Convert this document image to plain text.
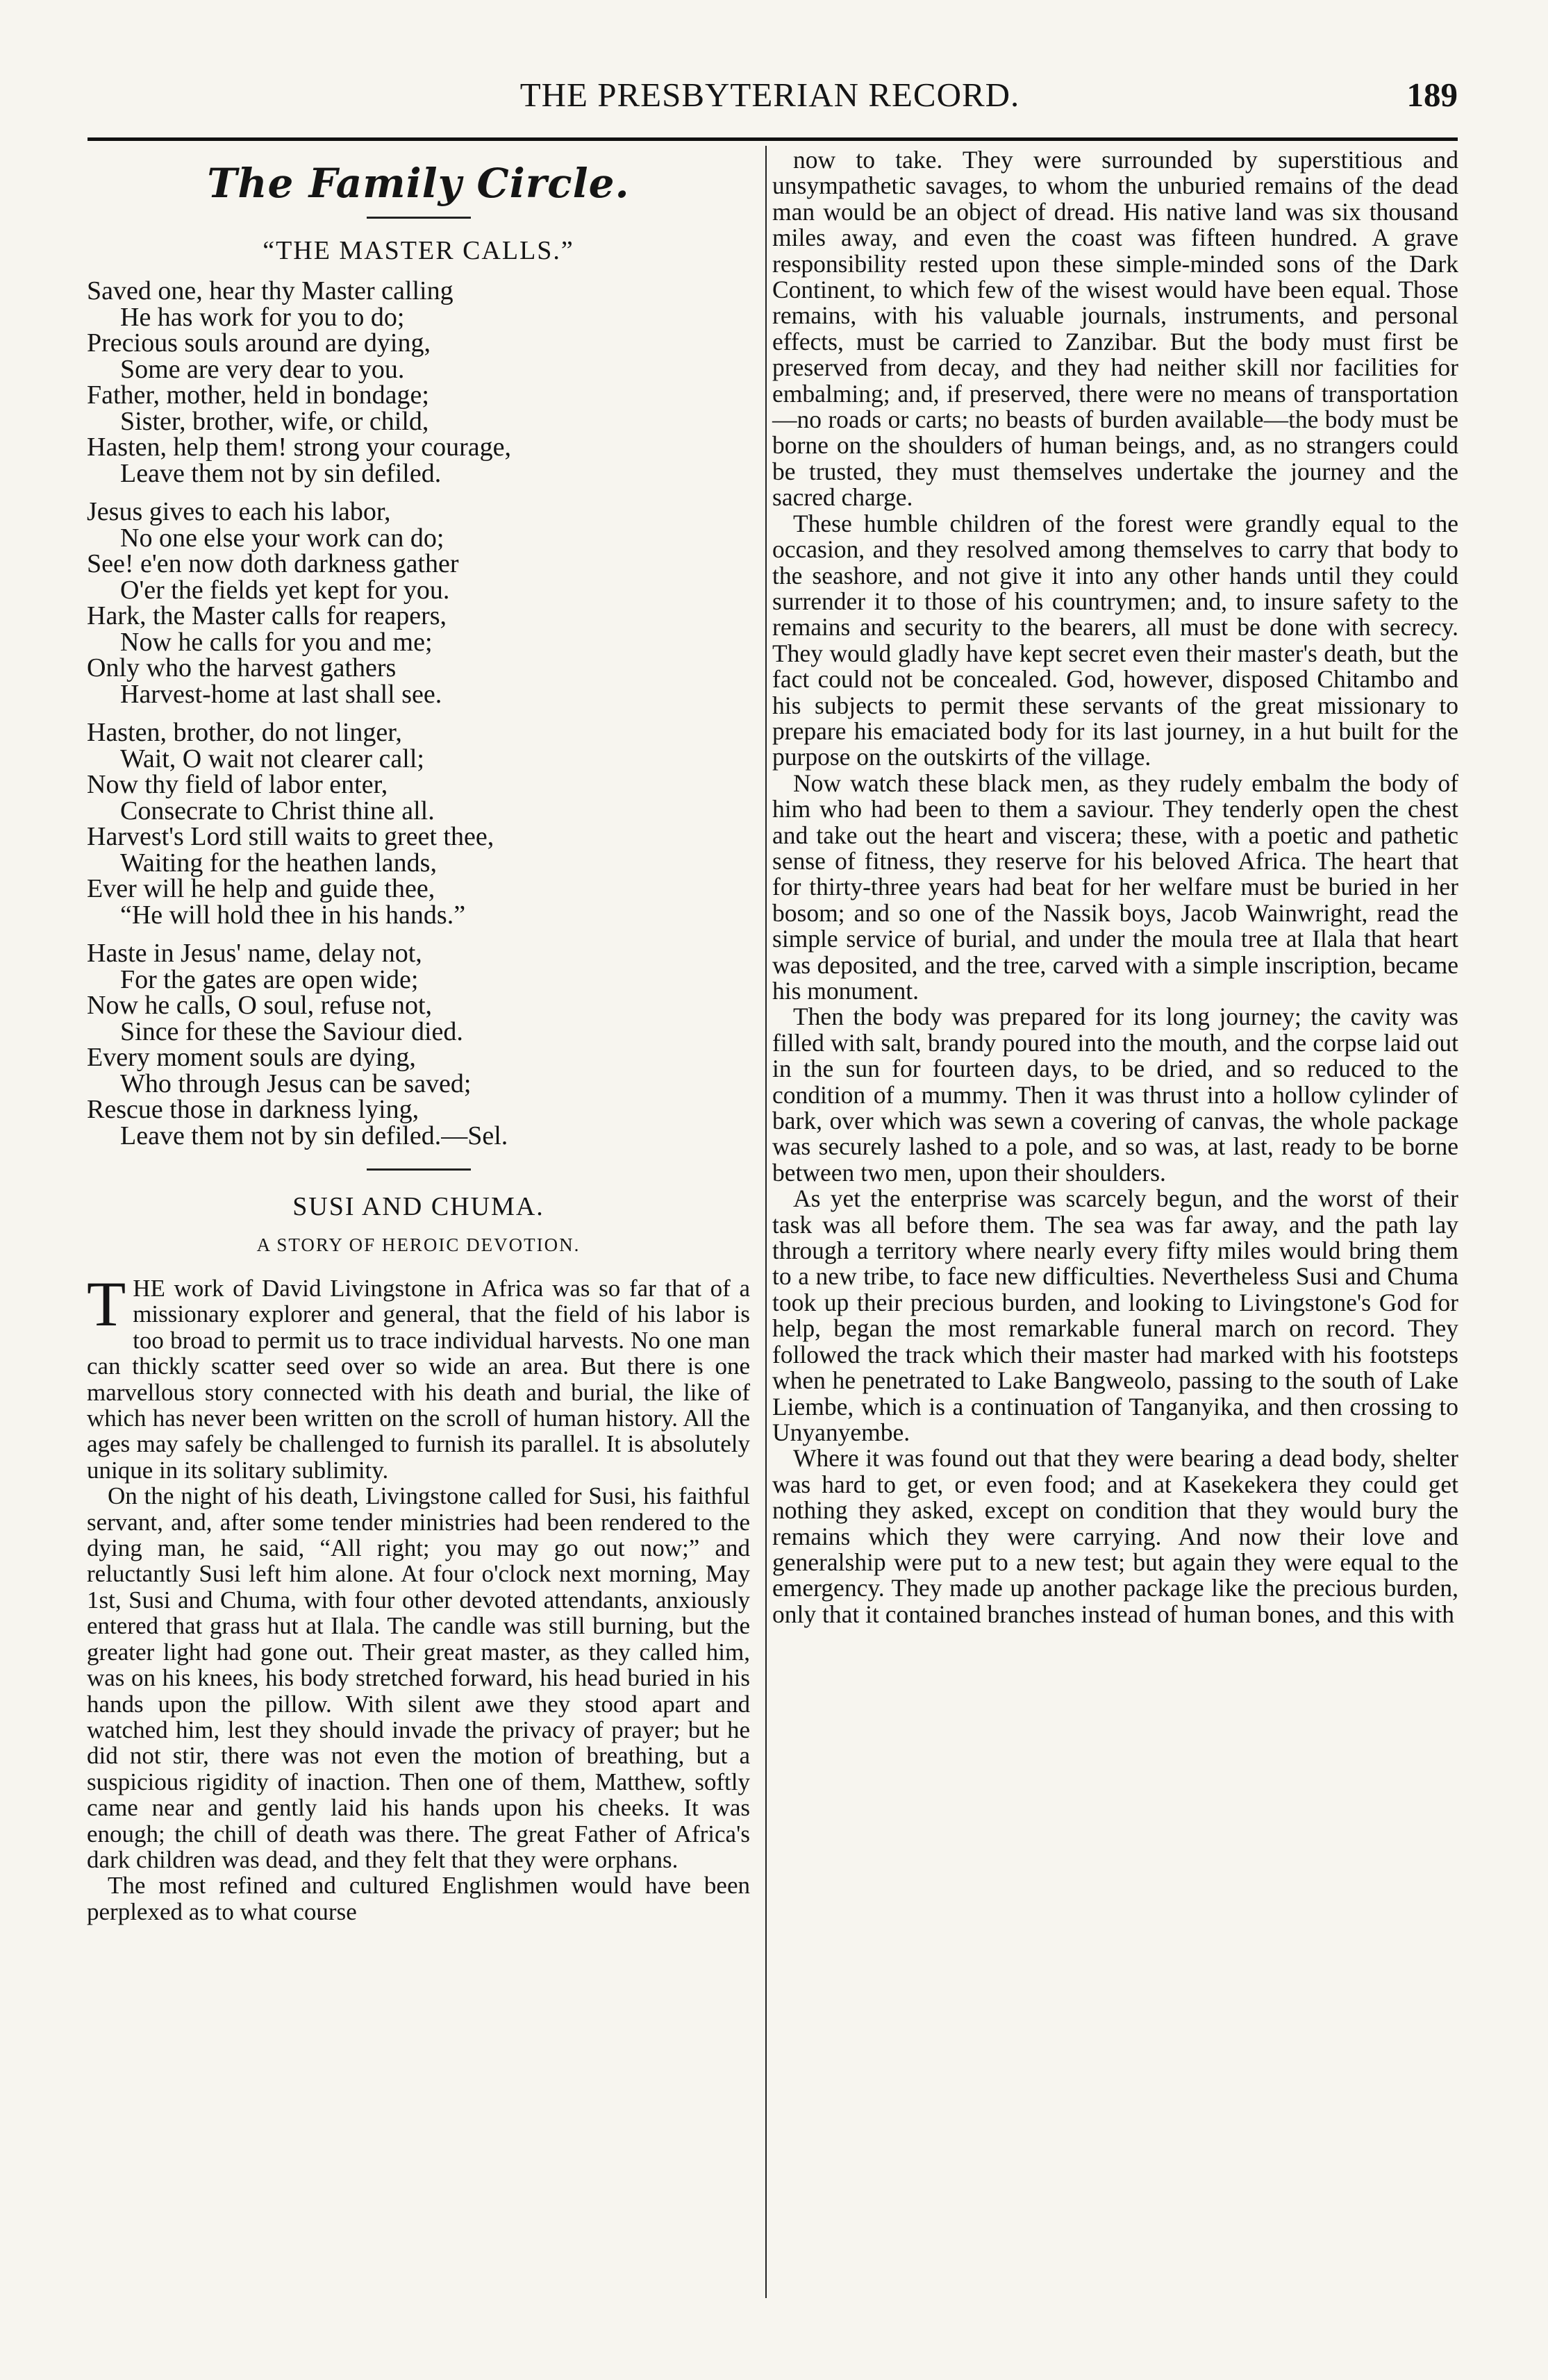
THE PRESBYTERIAN RECORD.	189
The Family Circle.
“THE MASTER CALLS.”
Saved one, hear thy Master calling
He has work for you to do;
Precious souls around are dying,
Some are very dear to you.
Father, mother, held in bondage;
Sister, brother, wife, or child,
Hasten, help them! strong your courage,
Leave them not by sin defiled.
Jesus gives to each his labor,
No one else your work can do;
See! e'en now doth darkness gather
O'er the fields yet kept for you.
Hark, the Master calls for reapers,
Now he calls for you and me;
Only who the harvest gathers
Harvest-home at last shall see.
Hasten, brother, do not linger,
Wait, O wait not clearer call;
Now thy field of labor enter,
Consecrate to Christ thine all.
Harvest's Lord still waits to greet thee,
Waiting for the heathen lands,
Ever will he help and guide thee,
“He will hold thee in his hands.”
Haste in Jesus' name, delay not,
For the gates are open wide;
Now he calls, O soul, refuse not,
Since for these the Saviour died.
Every moment souls are dying,
Who through Jesus can be saved;
Rescue those in darkness lying,
Leave them not by sin defiled.—Sel.
SUSI AND CHUMA.
A STORY OF HEROIC DEVOTION.

THE work of David Livingstone in Africa was so far that of a missionary explorer and general, that the field of his labor is too broad to permit us to trace individual harvests. No one man can thickly scatter seed over so wide an area. But there is one marvellous story connected with his death and burial, the like of which has never been written on the scroll of human history. All the ages may safely be challenged to furnish its parallel. It is absolutely unique in its solitary sublimity.

On the night of his death, Livingstone called for Susi, his faithful servant, and, after some tender ministries had been rendered to the dying man, he said, “All right; you may go out now;” and reluctantly Susi left him alone. At four o'clock next morning, May 1st, Susi and Chuma, with four other devoted attendants, anxiously entered that grass hut at Ilala. The candle was still burning, but the greater light had gone out. Their great master, as they called him, was on his knees, his body stretched forward, his head buried in his hands upon the pillow. With silent awe they stood apart and watched him, lest they should invade the privacy of prayer; but he did not stir, there was not even the motion of breathing, but a suspicious rigidity of inaction. Then one of them, Matthew, softly came near and gently laid his hands upon his cheeks. It was enough; the chill of death was there. The great Father of Africa's dark children was dead, and they felt that they were orphans.

The most refined and cultured Englishmen would have been perplexed as to what course

now to take. They were surrounded by superstitious and unsympathetic savages, to whom the unburied remains of the dead man would be an object of dread. His native land was six thousand miles away, and even the coast was fifteen hundred. A grave responsibility rested upon these simple-minded sons of the Dark Continent, to which few of the wisest would have been equal. Those remains, with his valuable journals, instruments, and personal effects, must be carried to Zanzibar. But the body must first be preserved from decay, and they had neither skill nor facilities for embalming; and, if preserved, there were no means of transportation—no roads or carts; no beasts of burden available—the body must be borne on the shoulders of human beings, and, as no strangers could be trusted, they must themselves undertake the journey and the sacred charge.

These humble children of the forest were grandly equal to the occasion, and they resolved among themselves to carry that body to the seashore, and not give it into any other hands until they could surrender it to those of his countrymen; and, to insure safety to the remains and security to the bearers, all must be done with secrecy. They would gladly have kept secret even their master's death, but the fact could not be concealed. God, however, disposed Chitambo and his subjects to permit these servants of the great missionary to prepare his emaciated body for its last journey, in a hut built for the purpose on the outskirts of the village.

Now watch these black men, as they rudely embalm the body of him who had been to them a saviour. They tenderly open the chest and take out the heart and viscera; these, with a poetic and pathetic sense of fitness, they reserve for his beloved Africa. The heart that for thirty-three years had beat for her welfare must be buried in her bosom; and so one of the Nassik boys, Jacob Wainwright, read the simple service of burial, and under the moula tree at Ilala that heart was deposited, and the tree, carved with a simple inscription, became his monument.

Then the body was prepared for its long journey; the cavity was filled with salt, brandy poured into the mouth, and the corpse laid out in the sun for fourteen days, to be dried, and so reduced to the condition of a mummy. Then it was thrust into a hollow cylinder of bark, over which was sewn a covering of canvas, the whole package was securely lashed to a pole, and so was, at last, ready to be borne between two men, upon their shoulders.

As yet the enterprise was scarcely begun, and the worst of their task was all before them. The sea was far away, and the path lay through a territory where nearly every fifty miles would bring them to a new tribe, to face new difficulties. Nevertheless Susi and Chuma took up their precious burden, and looking to Livingstone's God for help, began the most remarkable funeral march on record. They followed the track which their master had marked with his footsteps when he penetrated to Lake Bangweolo, passing to the south of Lake Liembe, which is a continuation of Tanganyika, and then crossing to Unyanyembe.

Where it was found out that they were bearing a dead body, shelter was hard to get, or even food; and at Kasekekera they could get nothing they asked, except on condition that they would bury the remains which they were carrying. And now their love and generalship were put to a new test; but again they were equal to the emergency. They made up another package like the precious burden, only that it contained branches instead of human bones, and this with
